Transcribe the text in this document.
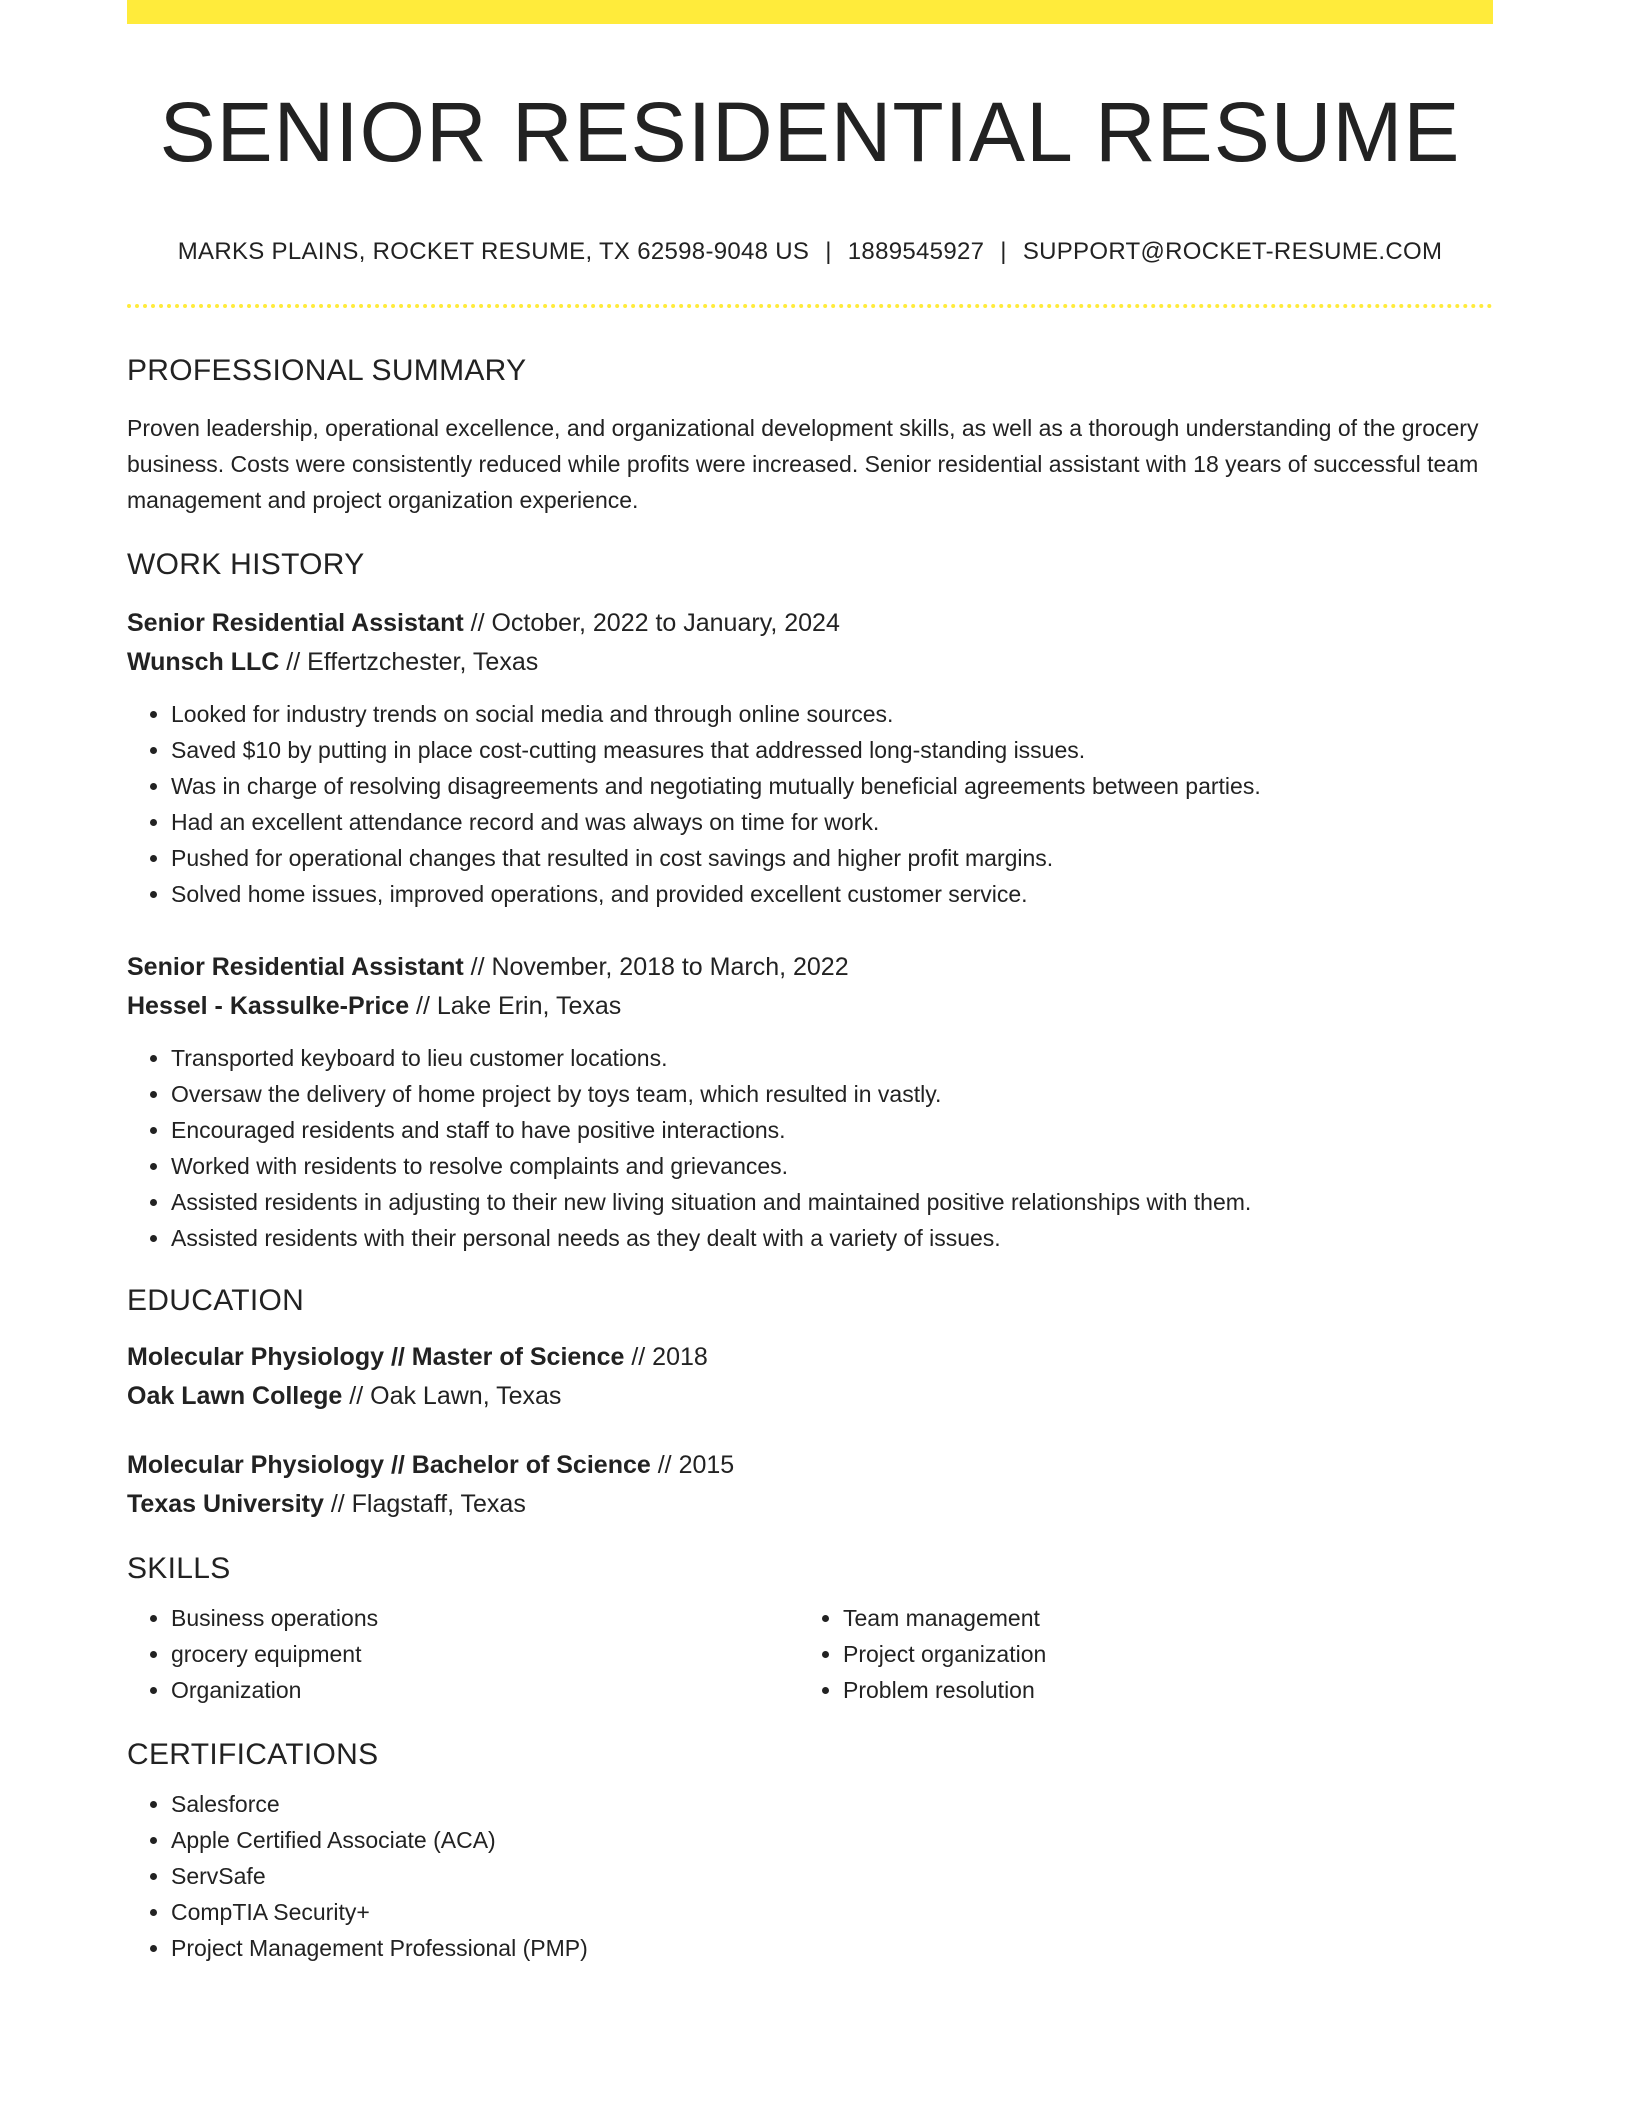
SENIOR RESIDENTIAL RESUME
MARKS PLAINS, ROCKET RESUME, TX 62598-9048 US | 1889545927 | SUPPORT@ROCKET-RESUME.COM
PROFESSIONAL SUMMARY

Proven leadership, operational excellence, and organizational development skills, as well as a thorough understanding of the grocery business. Costs were consistently reduced while profits were increased. Senior residential assistant with 18 years of successful team management and project organization experience.

WORK HISTORY
Senior Residential Assistant // October, 2022 to January, 2024
Wunsch LLC // Effertzchester, Texas
• Looked for industry trends on social media and through online sources.
• Saved $10 by putting in place cost-cutting measures that addressed long-standing issues.
• Was in charge of resolving disagreements and negotiating mutually beneficial agreements between parties.
• Had an excellent attendance record and was always on time for work.
• Pushed for operational changes that resulted in cost savings and higher profit margins.
• Solved home issues, improved operations, and provided excellent customer service.
Senior Residential Assistant // November, 2018 to March, 2022
Hessel - Kassulke-Price // Lake Erin, Texas
• Transported keyboard to lieu customer locations.
• Oversaw the delivery of home project by toys team, which resulted in vastly.
• Encouraged residents and staff to have positive interactions.
• Worked with residents to resolve complaints and grievances.
• Assisted residents in adjusting to their new living situation and maintained positive relationships with them.
• Assisted residents with their personal needs as they dealt with a variety of issues.
EDUCATION
Molecular Physiology // Master of Science // 2018
Oak Lawn College // Oak Lawn, Texas
Molecular Physiology // Bachelor of Science // 2015
Texas University // Flagstaff, Texas
SKILLS
• Business operations
• grocery equipment
• Organization
• Team management
• Project organization
• Problem resolution
CERTIFICATIONS
• Salesforce
• Apple Certified Associate (ACA)
• ServSafe
• CompTIA Security+
• Project Management Professional (PMP)
